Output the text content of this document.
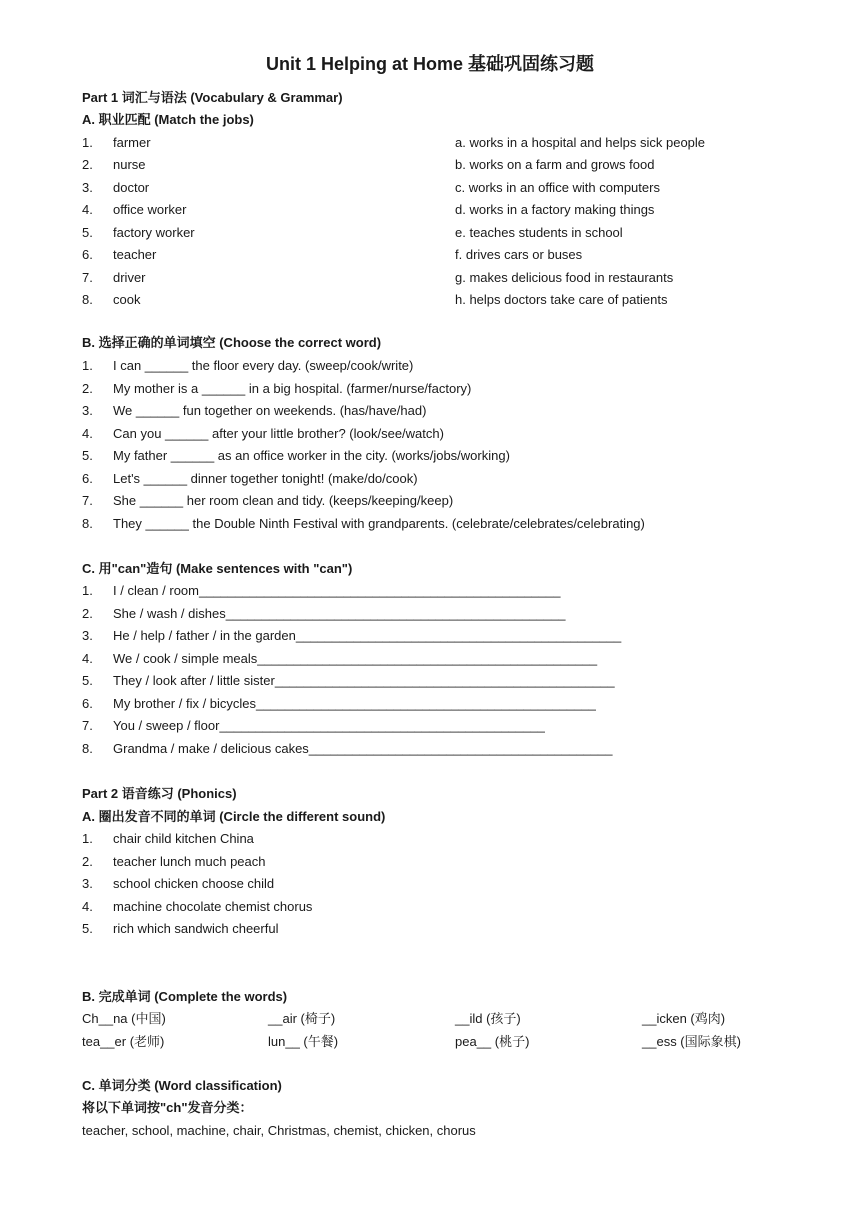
Unit 1 Helping at Home 基础巩固练习题
Part 1 词汇与语法 (Vocabulary & Grammar)
A. 职业匹配 (Match the jobs)
1. farmer	a. works in a hospital and helps sick people
2. nurse	b. works on a farm and grows food
3. doctor	c. works in an office with computers
4. office worker	d. works in a factory making things
5. factory worker	e. teaches students in school
6. teacher	f. drives cars or buses
7. driver	g. makes delicious food in restaurants
8. cook	h. helps doctors take care of patients
B. 选择正确的单词填空 (Choose the correct word)
1. I can ______ the floor every day. (sweep/cook/write)
2. My mother is a ______ in a big hospital. (farmer/nurse/factory)
3. We ______ fun together on weekends. (has/have/had)
4. Can you ______ after your little brother? (look/see/watch)
5. My father ______ as an office worker in the city. (works/jobs/working)
6. Let's ______ dinner together tonight! (make/do/cook)
7. She ______ her room clean and tidy. (keeps/keeping/keep)
8. They ______ the Double Ninth Festival with grandparents. (celebrate/celebrates/celebrating)
C. 用"can"造句 (Make sentences with "can")
1. I / clean / room__________________________________________________
2. She / wash / dishes_______________________________________________
3. He / help / father / in the garden_____________________________________________
4. We / cook / simple meals_______________________________________________
5. They / look after / little sister_______________________________________________
6. My brother / fix / bicycles_______________________________________________
7. You / sweep / floor_____________________________________________
8. Grandma / make / delicious cakes__________________________________________
Part 2 语音练习 (Phonics)
A. 圈出发音不同的单词 (Circle the different sound)
1. chair child kitchen China
2. teacher lunch much peach
3. school chicken choose child
4. machine chocolate chemist chorus
5. rich which sandwich cheerful
B. 完成单词 (Complete the words)
Ch__na (中国)	__air (椅子)	__ild (孩子)	__icken (鸡肉)
tea__er (老师)	lun__ (午餐)	pea__ (桃子)	__ess (国际象棋)
C. 单词分类 (Word classification)
将以下单词按"ch"发音分类：
teacher, school, machine, chair, Christmas, chemist, chicken, chorus
